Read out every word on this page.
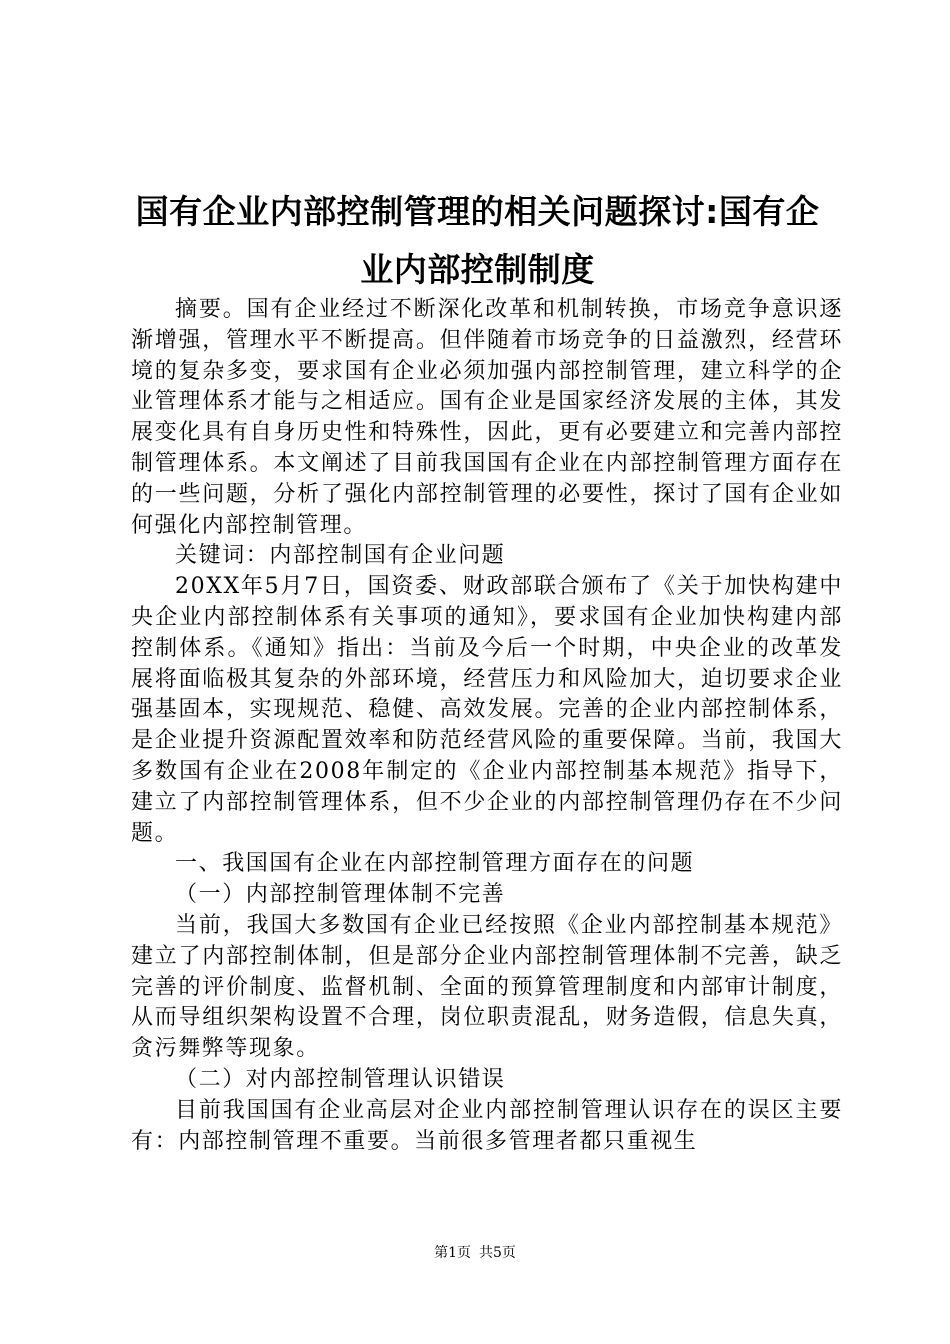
国有企业内部控制管理的相关问题探讨:国有企业内部控制制度

摘要。国有企业经过不断深化改革和机制转换，市场竞争意识逐渐增强，管理水平不断提高。但伴随着市场竞争的日益激烈，经营环境的复杂多变，要求国有企业必须加强内部控制管理，建立科学的企业管理体系才能与之相适应。国有企业是国家经济发展的主体，其发展变化具有自身历史性和特殊性，因此，更有必要建立和完善内部控制管理体系。本文阐述了目前我国国有企业在内部控制管理方面存在的一些问题，分析了强化内部控制管理的必要性，探讨了国有企业如何强化内部控制管理。

关键词：内部控制国有企业问题

20XX年5月7日，国资委、财政部联合颁布了《关于加快构建中央企业内部控制体系有关事项的通知》，要求国有企业加快构建内部控制体系。《通知》指出：当前及今后一个时期，中央企业的改革发展将面临极其复杂的外部环境，经营压力和风险加大，迫切要求企业强基固本，实现规范、稳健、高效发展。完善的企业内部控制体系，是企业提升资源配置效率和防范经营风险的重要保障。当前，我国大多数国有企业在2008年制定的《企业内部控制基本规范》指导下，建立了内部控制管理体系，但不少企业的内部控制管理仍存在不少问题。

一、我国国有企业在内部控制管理方面存在的问题

（一）内部控制管理体制不完善

当前，我国大多数国有企业已经按照《企业内部控制基本规范》建立了内部控制体制，但是部分企业内部控制管理体制不完善，缺乏完善的评价制度、监督机制、全面的预算管理制度和内部审计制度，从而导组织架构设置不合理，岗位职责混乱，财务造假，信息失真，贪污舞弊等现象。

（二）对内部控制管理认识错误

目前我国国有企业高层对企业内部控制管理认识存在的误区主要有：内部控制管理不重要。当前很多管理者都只重视生

第1页 共5页
